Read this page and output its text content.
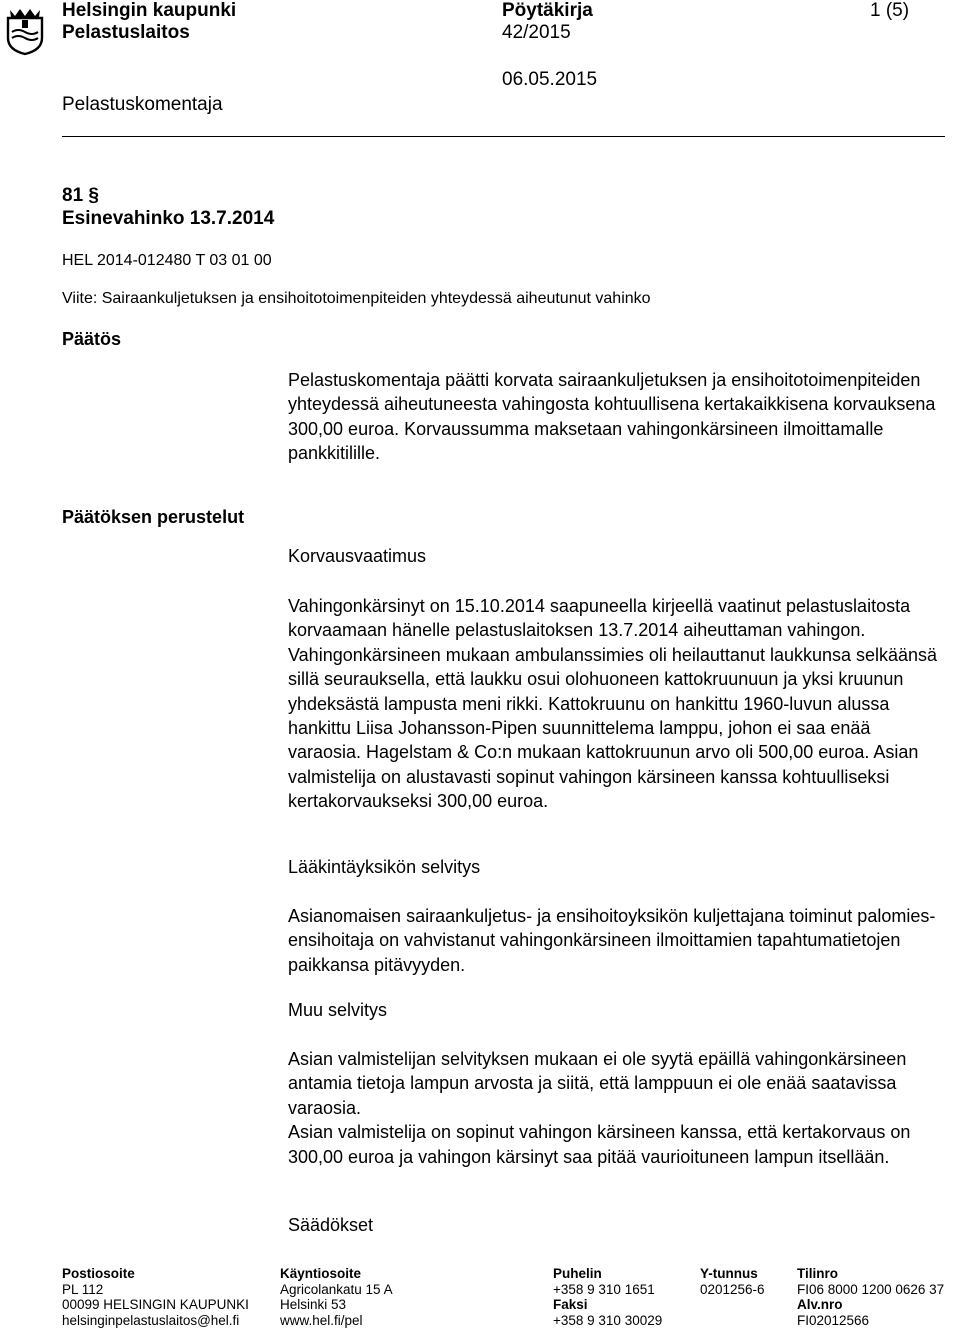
Helsingin kaupunki
Pelastuslaitos
Pelastuskomentaja
Pöytäkirja
42/2015
06.05.2015
1 (5)
81 §
Esinevahinko 13.7.2014
HEL 2014-012480 T 03 01 00
Viite: Sairaankuljetuksen ja ensihoitotoimenpiteiden yhteydessä aiheutunut vahinko
Päätös

Pelastuskomentaja päätti korvata sairaankuljetuksen ja ensihoitotoimenpiteiden yhteydessä aiheutuneesta vahingosta kohtuullisena kertakaikkisena korvauksena 300,00 euroa. Korvaussumma maksetaan vahingonkärsineen ilmoittamalle pankkitilille.

Päätöksen perustelut
Korvausvaatimus

Vahingonkärsinyt on 15.10.2014 saapuneella kirjeellä vaatinut pelastuslaitosta korvaamaan hänelle pelastuslaitoksen 13.7.2014 aiheuttaman vahingon. Vahingonkärsineen mukaan ambulanssimies oli heilauttanut laukkunsa selkäänsä sillä seurauksella, että laukku osui olohuoneen kattokruunuun ja yksi kruunun yhdeksästä lampusta meni rikki. Kattokruunu on hankittu 1960-luvun alussa hankittu Liisa Johansson-Pipen suunnittelema lamppu, johon ei saa enää varaosia. Hagelstam & Co:n mukaan kattokruunun arvo oli 500,00 euroa. Asian valmistelija on alustavasti sopinut vahingon kärsineen kanssa kohtuulliseksi kertakorvaukseksi 300,00 euroa.

Lääkintäyksikön selvitys

Asianomaisen sairaankuljetus- ja ensihoitoyksikön kuljettajana toiminut palomies-ensihoitaja on vahvistanut vahingonkärsineen ilmoittamien tapahtumatietojen paikkansa pitävyyden.

Muu selvitys

Asian valmistelijan selvityksen mukaan ei ole syytä epäillä vahingonkärsineen antamia tietoja lampun arvosta ja siitä, että lamppuun ei ole enää saatavissa varaosia.

Asian valmistelija on sopinut vahingon kärsineen kanssa, että kertakorvaus on 300,00 euroa ja vahingon kärsinyt saa pitää vaurioituneen lampun itsellään.

Säädökset
Postiosoite
PL 112
00099 HELSINGIN KAUPUNKI
helsinginpelastuslaitos@hel.fi
Käyntiosoite
Agricolankatu 15 A
Helsinki 53
www.hel.fi/pel
Puhelin
+358 9 310 1651
Faksi
+358 9 310 30029
Y-tunnus
0201256-6
Tilinro
FI06 8000 1200 0626 37
Alv.nro
FI02012566
